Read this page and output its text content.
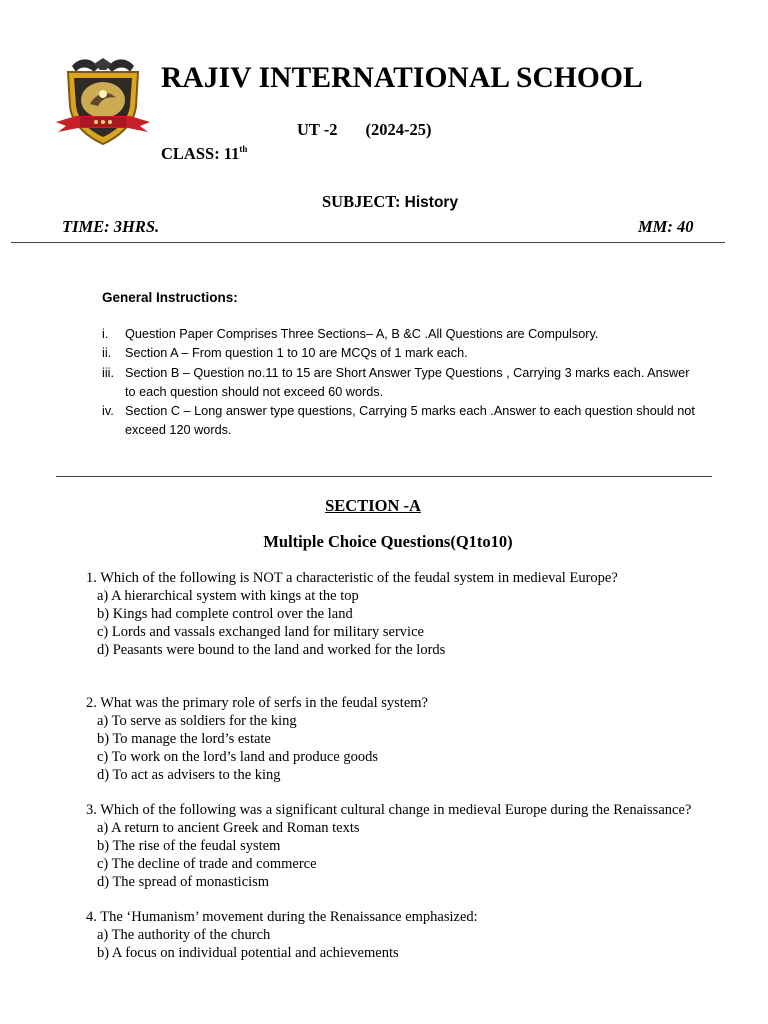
RAJIV INTERNATIONAL SCHOOL
UT -2 (2024-25)
CLASS: 11th
SUBJECT: History
TIME: 3HRS.	MM: 40
General Instructions:
i.	Question Paper Comprises Three Sections– A, B &C .All Questions are Compulsory.
ii.	Section A – From question 1 to 10 are MCQs of 1 mark each.
iii. Section B – Question no.11 to 15 are Short Answer Type Questions , Carrying 3 marks each. Answer to each question should not exceed 60 words.
iv. Section C – Long answer type questions, Carrying 5 marks each .Answer to each question should not exceed 120 words.
SECTION -A
Multiple Choice Questions(Q1to10)
1. Which of the following is NOT a characteristic of the feudal system in medieval Europe?
a) A hierarchical system with kings at the top
b) Kings had complete control over the land
c) Lords and vassals exchanged land for military service
d) Peasants were bound to the land and worked for the lords
2. What was the primary role of serfs in the feudal system?
a) To serve as soldiers for the king
b) To manage the lord’s estate
c) To work on the lord’s land and produce goods
d) To act as advisers to the king
3. Which of the following was a significant cultural change in medieval Europe during the Renaissance?
a) A return to ancient Greek and Roman texts
b) The rise of the feudal system
c) The decline of trade and commerce
d) The spread of monasticism
4. The ‘Humanism’ movement during the Renaissance emphasized:
a) The authority of the church
b) A focus on individual potential and achievements
